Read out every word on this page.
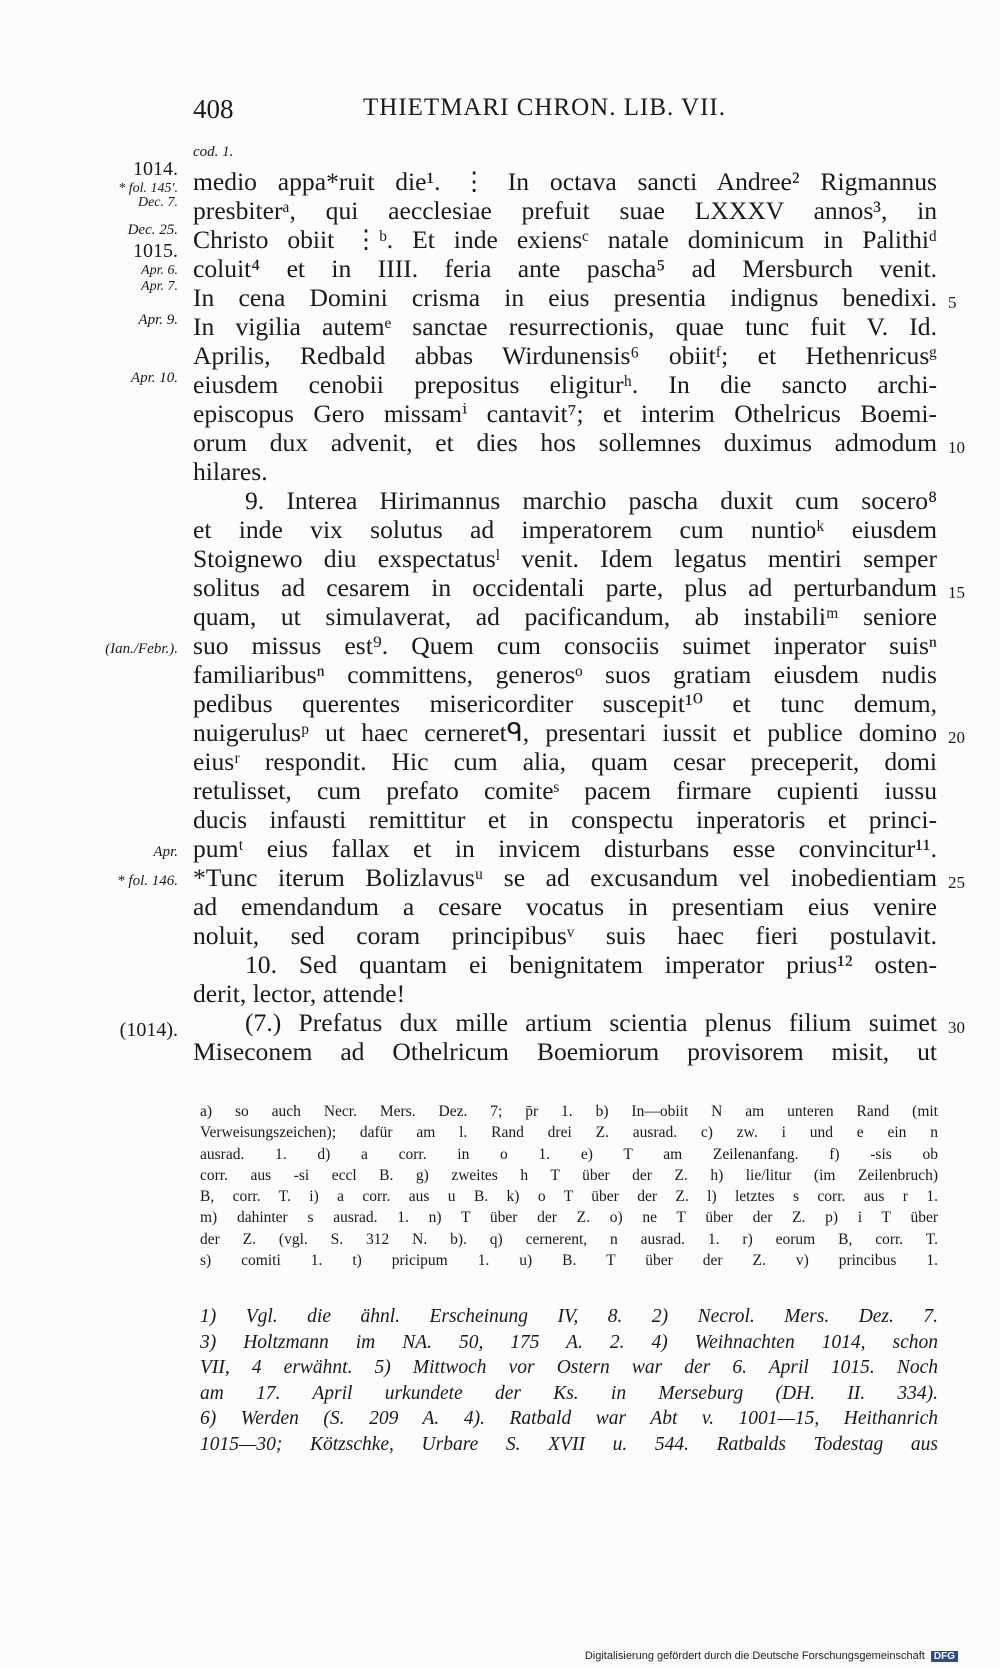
408	THIETMARI CHRON. LIB. VII.
cod. 1.
1014.
* fol. 145'.
Dec. 7.
Dec. 25.
1015.
Apr. 6.
Apr. 7.
Apr. 9.
Apr. 10.
(Ian./Febr.).
Apr.
* fol. 146.
(1014).
medio appa*ruit die¹. ⋮ In octava sancti Andree² Rigmannus
presbiterᵃ, qui aecclesiae prefuit suae LXXXV annos³, in
Christo obiit ⋮ᵇ. Et inde exiensᶜ natale dominicum in Palithiᵈ
coluit⁴ et in IIII. feria ante pascha⁵ ad Mersburch venit.
In cena Domini crisma in eius presentia indignus benedixi.
In vigilia autemᵉ sanctae resurrectionis, quae tunc fuit V. Id.
Aprilis, Redbald abbas Wirdunensis⁶ obiitᶠ; et Hethenricusᵍ
eiusdem cenobii prepositus eligiturʰ. In die sancto archi-
episcopus Gero missamⁱ cantavit⁷; et interim Othelricus Boemi-
orum dux advenit, et dies hos sollemnes duximus admodum
hilares.
9. Interea Hirimannus marchio pascha duxit cum socero⁸
et inde vix solutus ad imperatorem cum nuntioᵏ eiusdem
Stoignewo diu exspectatusˡ venit. Idem legatus mentiri semper
solitus ad cesarem in occidentali parte, plus ad perturbandum
quam, ut simulaverat, ad pacificandum, ab instabiliᵐ seniore
suo missus est⁹. Quem cum consociis suimet inperator suisⁿ
familiaribusⁿ committens, generosᵒ suos gratiam eiusdem nudis
pedibus querentes misericorditer suscepit¹⁰ et tunc demum,
nuigerulusᵖ ut haec cerneretᑫ, presentari iussit et publice domino
eiusʳ respondit. Hic cum alia, quam cesar preceperit, domi
retulisset, cum prefato comiteˢ pacem firmare cupienti iussu
ducis infausti remittitur et in conspectu inperatoris et princi-
pumᵗ eius fallax et in invicem disturbans esse convincitur¹¹.
*Tunc iterum Bolizlavusᵘ se ad excusandum vel inobedientiam
ad emendandum a cesare vocatus in presentiam eius venire
noluit, sed coram principibusᵛ suis haec fieri postulavit.
10. Sed quantam ei benignitatem imperator prius¹² osten-
derit, lector, attende!
(7.) Prefatus dux mille artium scientia plenus filium suimet
Miseconem ad Othelricum Boemiorum provisorem misit, ut
5
10
15
20
25
30
a) so auch Necr. Mers. Dez. 7; p̄r 1. b) In—obiit N am unteren Rand (mit
Verweisungszeichen); dafür am l. Rand drei Z. ausrad. c) zw. i und e ein n
ausrad. 1. d) a corr. in o 1. e) T am Zeilenanfang. f) -sis ob
corr. aus -si eccl B. g) zweites h T über der Z. h) lie/litur (im Zeilenbruch)
B, corr. T. i) a corr. aus u B. k) o T über der Z. l) letztes s corr. aus r 1.
m) dahinter s ausrad. 1. n) T über der Z. o) ne T über der Z. p) i T über
der Z. (vgl. S. 312 N. b). q) cernerent, n ausrad. 1. r) eorum B, corr. T.
s) comiti 1. t) pricipum 1. u) B. T über der Z. v) princibus 1.
1) Vgl. die ähnl. Erscheinung IV, 8. 2) Necrol. Mers. Dez. 7.
3) Holtzmann im NA. 50, 175 A. 2. 4) Weihnachten 1014, schon
VII, 4 erwähnt. 5) Mittwoch vor Ostern war der 6. April 1015. Noch
am 17. April urkundete der Ks. in Merseburg (DH. II. 334).
6) Werden (S. 209 A. 4). Ratbald war Abt v. 1001—15, Heithanrich
1015—30; Kötzschke, Urbare S. XVII u. 544. Ratbalds Todestag aus
Digitalisierung gefördert durch die Deutsche Forschungsgemeinschaft DFG
